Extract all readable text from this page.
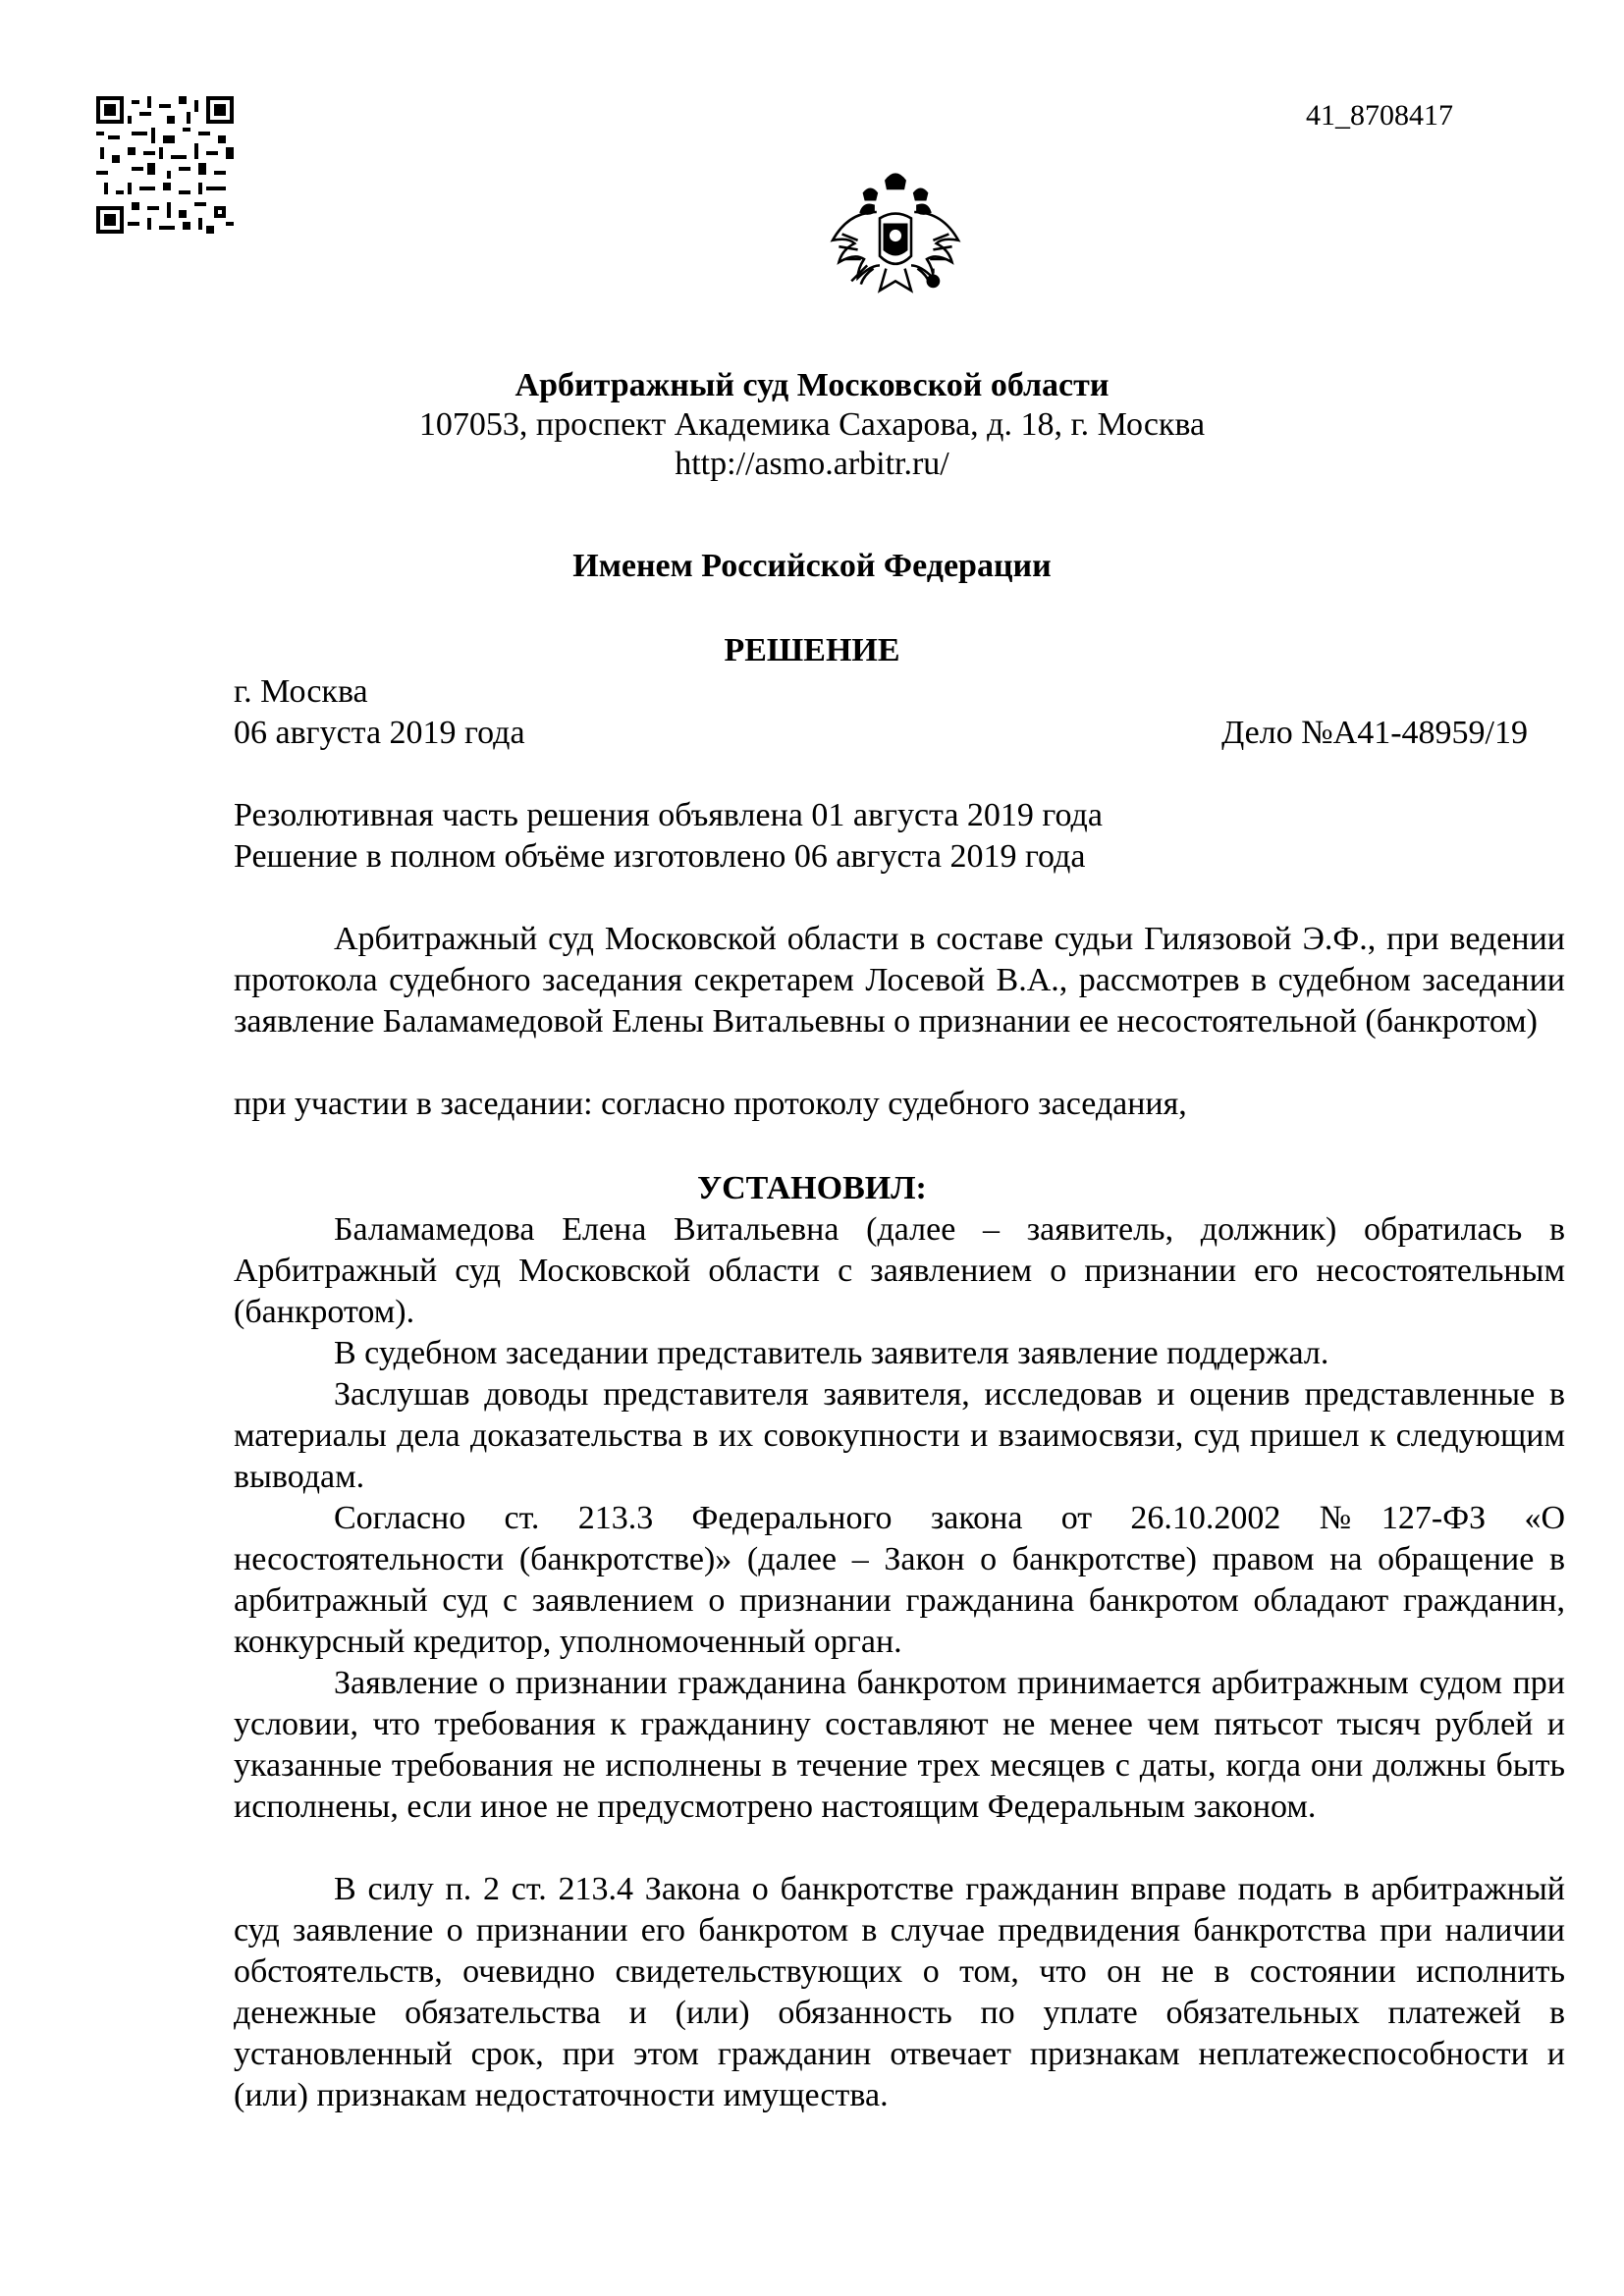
41_8708417
Арбитражный суд Московской области
107053, проспект Академика Сахарова, д. 18, г. Москва
http://asmo.arbitr.ru/
Именем Российской Федерации
РЕШЕНИЕ
г. Москва
06 августа 2019 года	Дело №А41-48959/19
Резолютивная часть решения объявлена 01 августа 2019 года
Решение в полном объёме изготовлено 06 августа 2019 года

Арбитражный суд Московской области в составе судьи Гилязовой Э.Ф., при ведении протокола судебного заседания секретарем Лосевой В.А., рассмотрев в судебном заседании заявление Баламамедовой Елены Витальевны о признании ее несостоятельной (банкротом)

при участии в заседании: согласно протоколу судебного заседания,

УСТАНОВИЛ:

Баламамедова Елена Витальевна (далее – заявитель, должник) обратилась в Арбитражный суд Московской области с заявлением о признании его несостоятельным (банкротом).

В судебном заседании представитель заявителя заявление поддержал.

Заслушав доводы представителя заявителя, исследовав и оценив представленные в материалы дела доказательства в их совокупности и взаимосвязи, суд пришел к следующим выводам.

Согласно ст. 213.3 Федерального закона от 26.10.2002 №127-ФЗ «О несостоятельности (банкротстве)» (далее – Закон о банкротстве) правом на обращение в арбитражный суд с заявлением о признании гражданина банкротом обладают гражданин, конкурсный кредитор, уполномоченный орган.

Заявление о признании гражданина банкротом принимается арбитражным судом при условии, что требования к гражданину составляют не менее чем пятьсот тысяч рублей и указанные требования не исполнены в течение трех месяцев с даты, когда они должны быть исполнены, если иное не предусмотрено настоящим Федеральным законом.

В силу п. 2 ст. 213.4 Закона о банкротстве гражданин вправе подать в арбитражный суд заявление о признании его банкротом в случае предвидения банкротства при наличии обстоятельств, очевидно свидетельствующих о том, что он не в состоянии исполнить денежные обязательства и (или) обязанность по уплате обязательных платежей в установленный срок, при этом гражданин отвечает признакам неплатежеспособности и (или) признакам недостаточности имущества.
